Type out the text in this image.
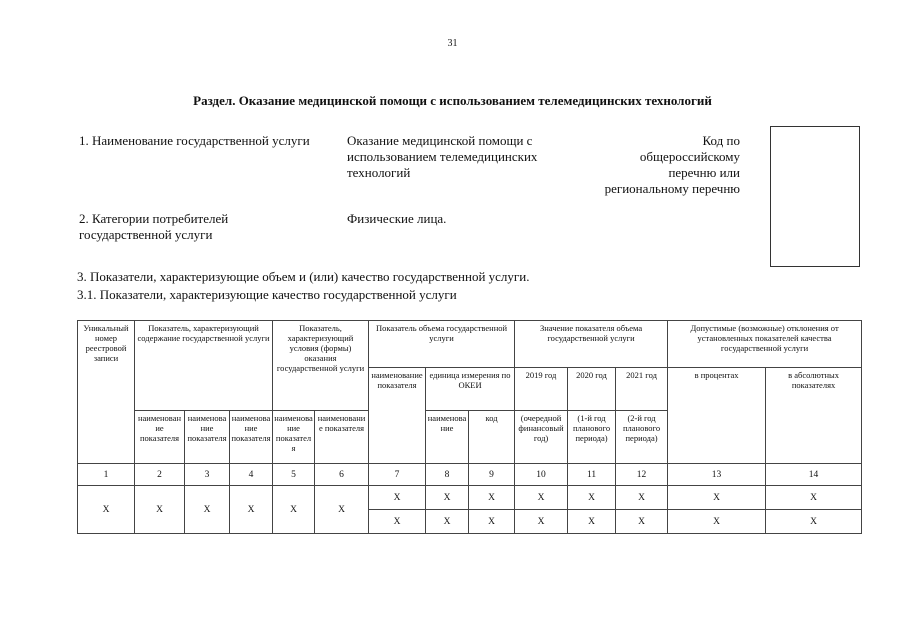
31
Раздел. Оказание медицинской помощи с использованием телемедицинских технологий
1. Наименование государственной услуги	Оказание медицинской помощи с использованием телемедицинских технологий
Код по общероссийскому перечню или региональному перечню
2. Категории потребителей государственной услуги
Физические лица.
3. Показатели, характеризующие объем и (или) качество государственной услуги.
3.1. Показатели, характеризующие качество государственной услуги
Уникальный номер реестровой записи	Показатель, характеризующий содержание государственной услуги			Показатель, характеризующий условия (формы) оказания государственной услуги		Показатель объема государственной услуги			Значение показателя объема государственной услуги			Допустимые (возможные) отклонения от установленных показателей качества государственной услуги	
						наименование показателя	единица измерения по ОКЕИ		2019 год	2020 год	2021 год	в процентах	в абсолютных показателях
							наименование	код	(очередной финансовый год)	(1-й год планового периода)	(2-й год планового периода)		
	наименование показателя	наименование показателя	наименование показателя	наименование показателя	наименование показателя								
1	2	3	4	5	6	7	8	9	10	11	12	13	14
X	X	X	X	X	X	X	X	X	X	X	X	X	X
						X	X	X	X	X	X	X	X
